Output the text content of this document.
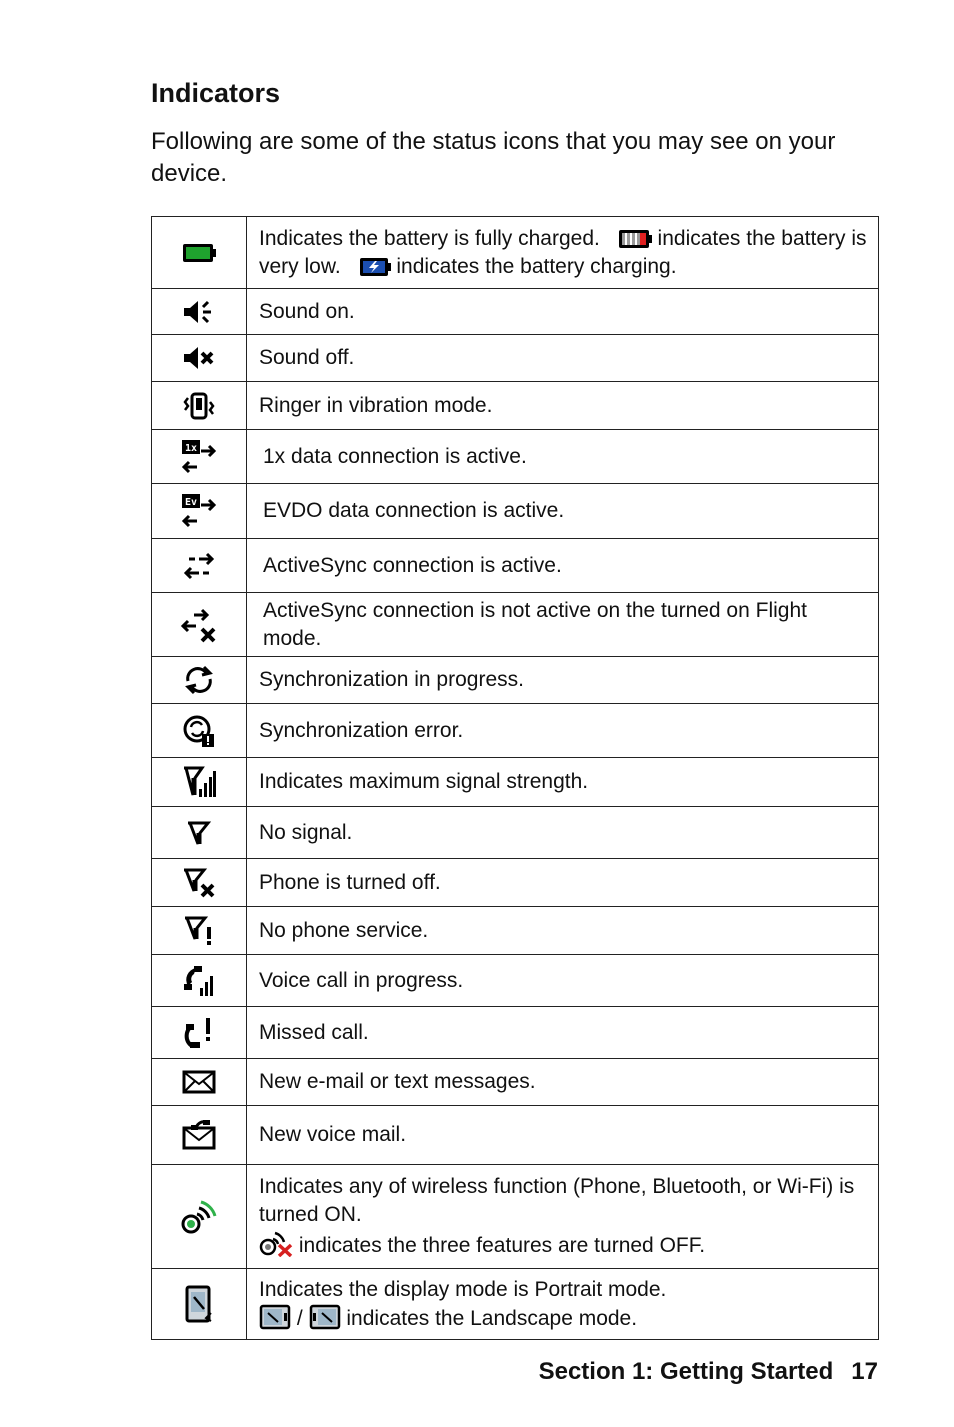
Indicators
Following are some of the status icons that you may see on your device.
	Indicates the battery is fully charged. indicates the battery is very low. indicates the battery charging.

	Sound on.

	Sound off.

	Ringer in vibration mode.

1x	1x data connection is active.

Ev	EVDO data connection is active.

	ActiveSync connection is active.

	ActiveSync connection is not active on the turned on Flight mode.

	Synchronization in progress.

	Synchronization error.

	Indicates maximum signal strength.

	No signal.

	Phone is turned off.

	No phone service.

	Voice call in progress.

	Missed call.

	New e-mail or text messages.

	New voice mail.

Indicates any of wireless function (Phone, Bluetooth, or Wi-Fi) is turned ON.
indicates the three features are turned OFF.

Indicates the display mode is Portrait mode.
/ indicates the Landscape mode.
Section 1: Getting Started 17
